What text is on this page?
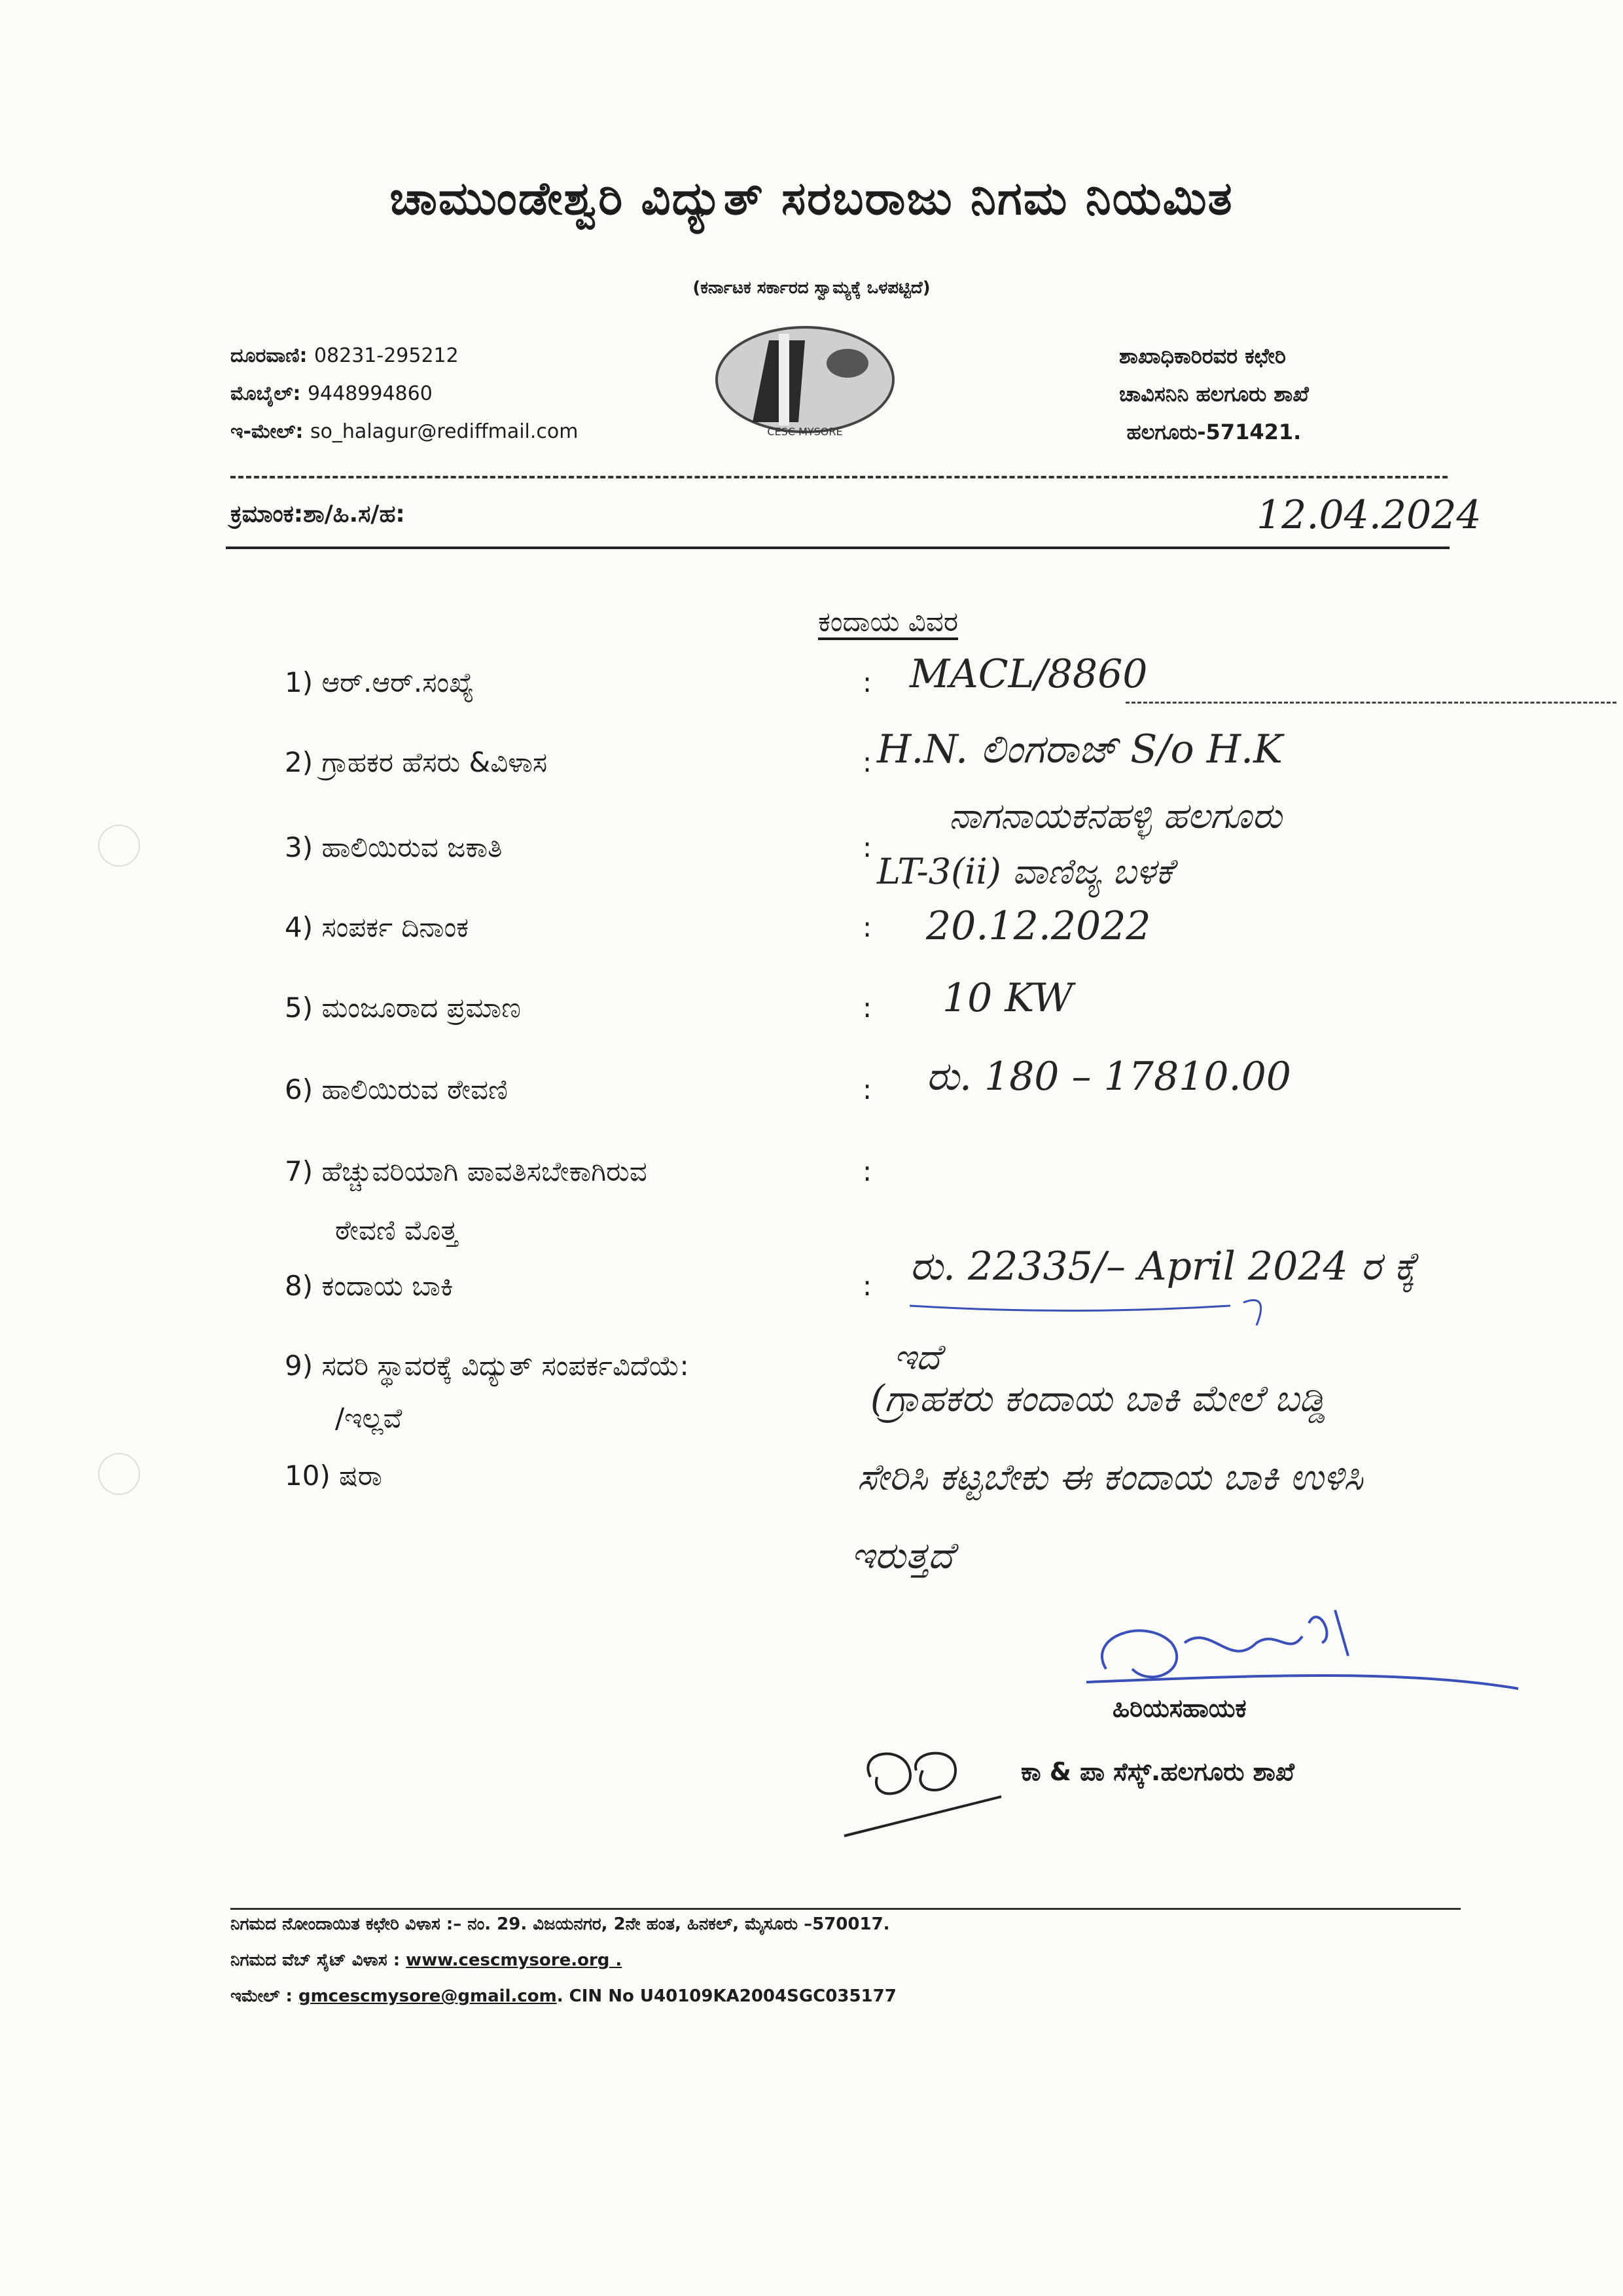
ಚಾಮುಂಡೇಶ್ವರಿ ವಿದ್ಯುತ್ ಸರಬರಾಜು ನಿಗಮ ನಿಯಮಿತ
(ಕರ್ನಾಟಕ ಸರ್ಕಾರದ ಸ್ವಾಮ್ಯಕ್ಕೆ ಒಳಪಟ್ಟಿದೆ)
ದೂರವಾಣಿ: 08231-295212
ಮೊಬೈಲ್: 9448994860
ಇ-ಮೇಲ್: so_halagur@rediffmail.com	CESC MYSORE
ಶಾಖಾಧಿಕಾರಿರವರ ಕಛೇರಿ
ಚಾವಿಸನಿನಿ ಹಲಗೂರು ಶಾಖೆ
ಹಲಗೂರು-571421.
ಕ್ರಮಾಂಕ:ಶಾ/ಹಿ.ಸ/ಹ:	12.04.2024
ಕಂದಾಯ ವಿವರ
1) ಆರ್.ಆರ್.ಸಂಖ್ಯೆ	: MACL/8860
2) ಗ್ರಾಹಕರ ಹೆಸರು &ವಿಳಾಸ	: H.N. ಲಿಂಗರಾಜ್ S/o H.K
ನಾಗನಾಯಕನಹಳ್ಳಿ ಹಲಗೂರು
3) ಹಾಲಿಯಿರುವ ಜಕಾತಿ	:
LT-3(ii) ವಾಣಿಜ್ಯ ಬಳಕೆ
4) ಸಂಪರ್ಕ ದಿನಾಂಕ	: 20.12.2022
5) ಮಂಜೂರಾದ ಪ್ರಮಾಣ	: 10 KW
6) ಹಾಲಿಯಿರುವ ಠೇವಣಿ	: ರು. 180 – 17810.00
7) ಹೆಚ್ಚುವರಿಯಾಗಿ ಪಾವತಿಸಬೇಕಾಗಿರುವ
ಠೇವಣಿ ಮೊತ್ತ
:
8) ಕಂದಾಯ ಬಾಕಿ	: ರು. 22335/– April 2024 ರ ಕ್ಕೆ
9) ಸದರಿ ಸ್ಥಾವರಕ್ಕೆ ವಿದ್ಯುತ್ ಸಂಪರ್ಕವಿದೆಯೆ:
/ಇಲ್ಲವೆ
ಇದೆ
10) ಷರಾ
(ಗ್ರಾಹಕರು ಕಂದಾಯ ಬಾಕಿ ಮೇಲೆ ಬಡ್ಡಿ
ಸೇರಿಸಿ ಕಟ್ಟಬೇಕು ಈ ಕಂದಾಯ ಬಾಕಿ ಉಳಿಸಿ
ಇರುತ್ತದೆ
ಹಿರಿಯಸಹಾಯಕ
ಕಾ & ಪಾ ಸೆಸ್ಕ್.ಹಲಗೂರು ಶಾಖೆ
ನಿಗಮದ ನೋಂದಾಯಿತ ಕಛೇರಿ ವಿಳಾಸ :– ನಂ. 29. ವಿಜಯನಗರ, 2ನೇ ಹಂತ, ಹಿನಕಲ್, ಮೈಸೂರು –570017.
ನಿಗಮದ ವೆಬ್ ಸೈಟ್ ವಿಳಾಸ : www.cescmysore.org .
ಇಮೇಲ್ : gmcescmysore@gmail.com. CIN No U40109KA2004SGC035177
